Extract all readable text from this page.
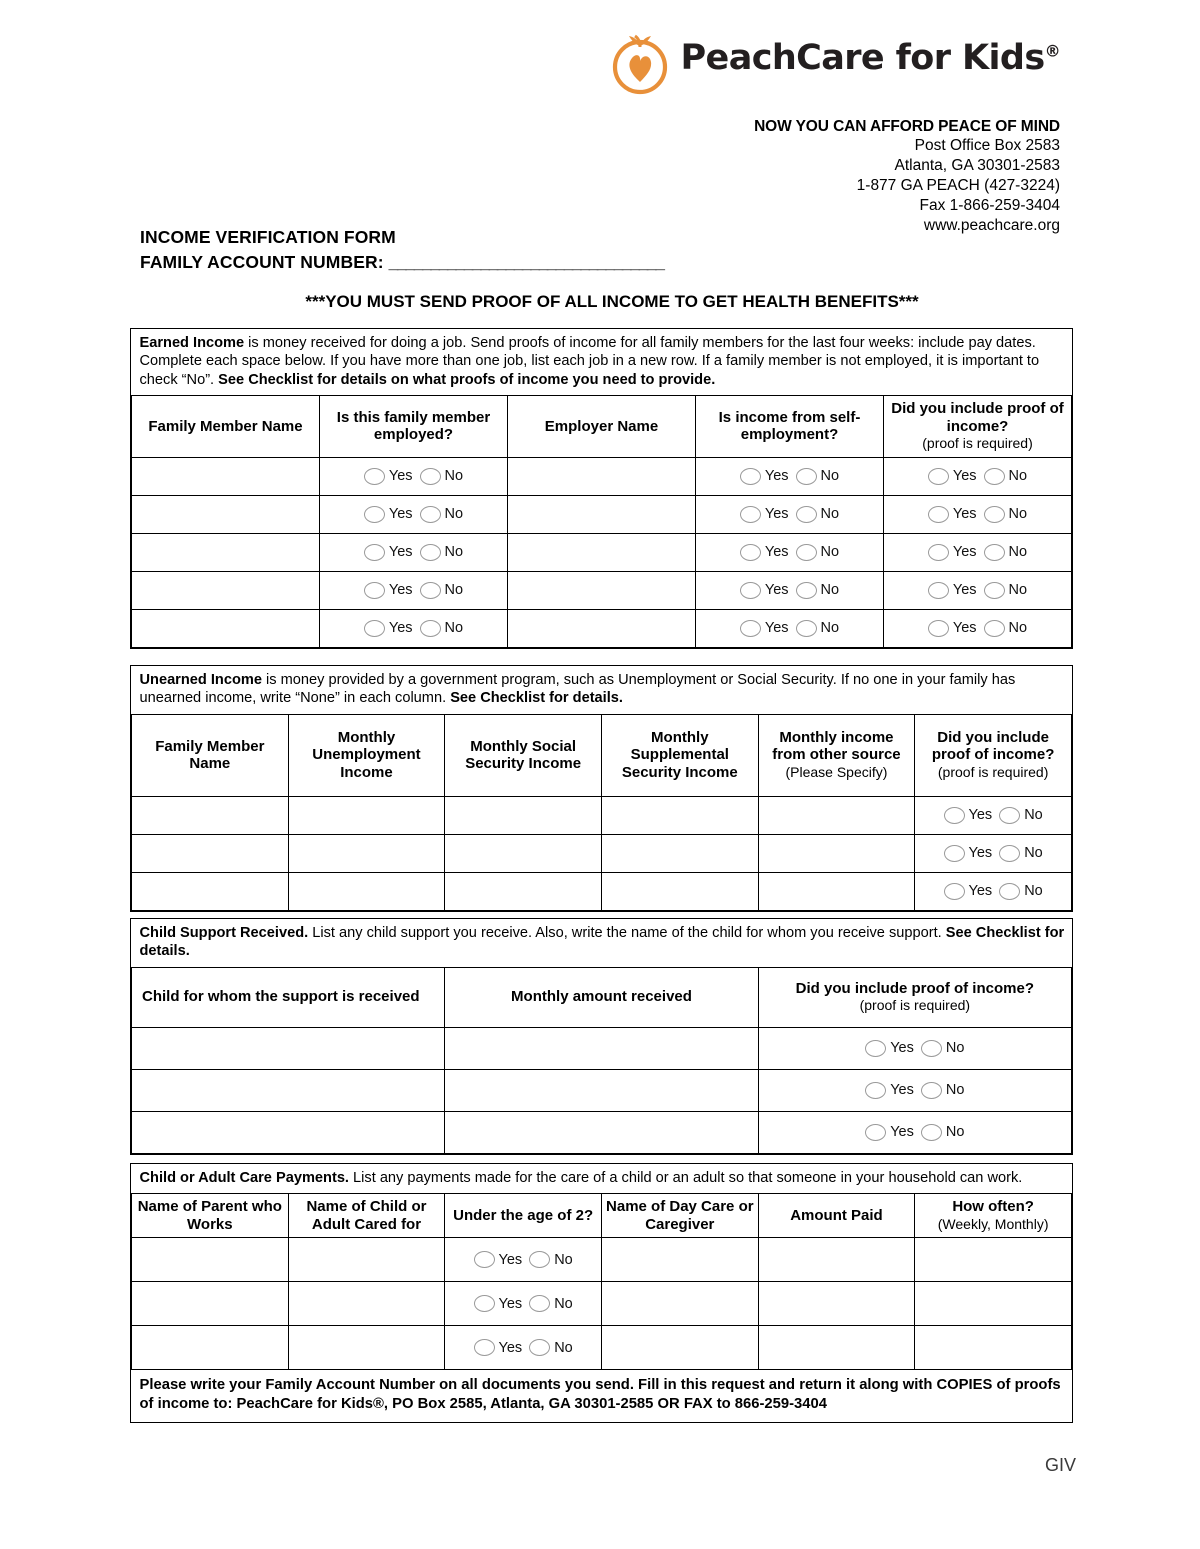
PeachCare for Kids®
NOW YOU CAN AFFORD PEACE OF MIND
Post Office Box 2583
Atlanta, GA 30301-2583
1-877 GA PEACH (427-3224)
Fax 1-866-259-3404
www.peachcare.org
INCOME VERIFICATION FORM
FAMILY ACCOUNT NUMBER: _________________________________
***YOU MUST SEND PROOF OF ALL INCOME TO GET HEALTH BENEFITS***
Earned Income is money received for doing a job. Send proofs of income for all family members for the last four weeks: include pay dates. Complete each space below. If you have more than one job, list each job in a new row. If a family member is not employed, it is important to check “No”. See Checklist for details on what proofs of income you need to provide.				
Family Member Name	Is this family member employed?	Employer Name	Is income from self-employment?	Did you include proof of income?
(proof is required)

	Yes No		Yes No	Yes No

	Yes No		Yes No	Yes No

	Yes No		Yes No	Yes No

	Yes No		Yes No	Yes No

	Yes No		Yes No	Yes No
Unearned Income is money provided by a government program, such as Unemployment or Social Security. If no one in your family has unearned income, write “None” in each column. See Checklist for details.					
Family Member Name	Monthly Unemployment Income	Monthly Social Security Income	Monthly Supplemental Security Income	Monthly income from other source
(Please Specify)	Did you include proof of income?
(proof is required)

					Yes No

					Yes No

					Yes No
Child Support Received. List any child support you receive. Also, write the name of the child for whom you receive support. See Checklist for details.		
Child for whom the support is received	Monthly amount received	Did you include proof of income?
(proof is required)

		Yes No

		Yes No

		Yes No
Child or Adult Care Payments. List any payments made for the care of a child or an adult so that someone in your household can work.					
Name of Parent who Works	Name of Child or Adult Cared for	Under the age of 2?	Name of Day Care or Caregiver	Amount Paid	How often?
(Weekly, Monthly)

		Yes No			

		Yes No			

		Yes No			

Please write your Family Account Number on all documents you send. Fill in this request and return it along with COPIES of proofs of income to: PeachCare for Kids®, PO Box 2585, Atlanta, GA 30301-2585 OR FAX to 866-259-3404					
GIV
